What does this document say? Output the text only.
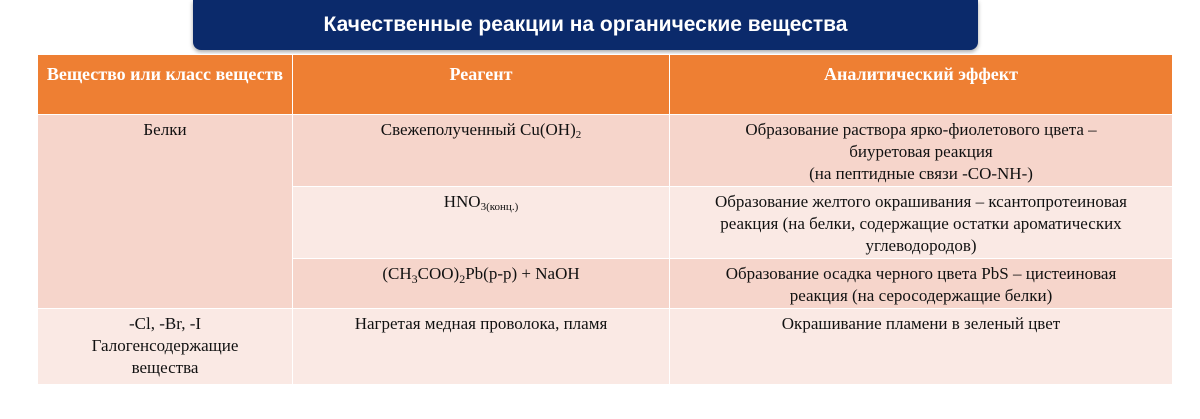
Качественные реакции на органические вещества
Вещество или класс веществ	Реагент	Аналитический эффект
Белки	Свежеполученный $Cu(OH)_2$	Образование раствора ярко-фиолетового цвета –
биуретовая реакция
(на пептидные связи -CO-NH-)

	$HNO_{3(конц.)}$	Образование желтого окрашивания – ксантопротеиновая
реакция (на белки, содержащие остатки ароматических
углеводородов)

	$(CH_3COO)_2Pb(р-р)$ + NaOH	Образование осадка черного цвета PbS – цистеиновая
реакция (на серосодержащие белки)

-Cl, -Br, -I
Галогенсодержащие
вещества	Нагретая медная проволока, пламя	Окрашивание пламени в зеленый цвет
